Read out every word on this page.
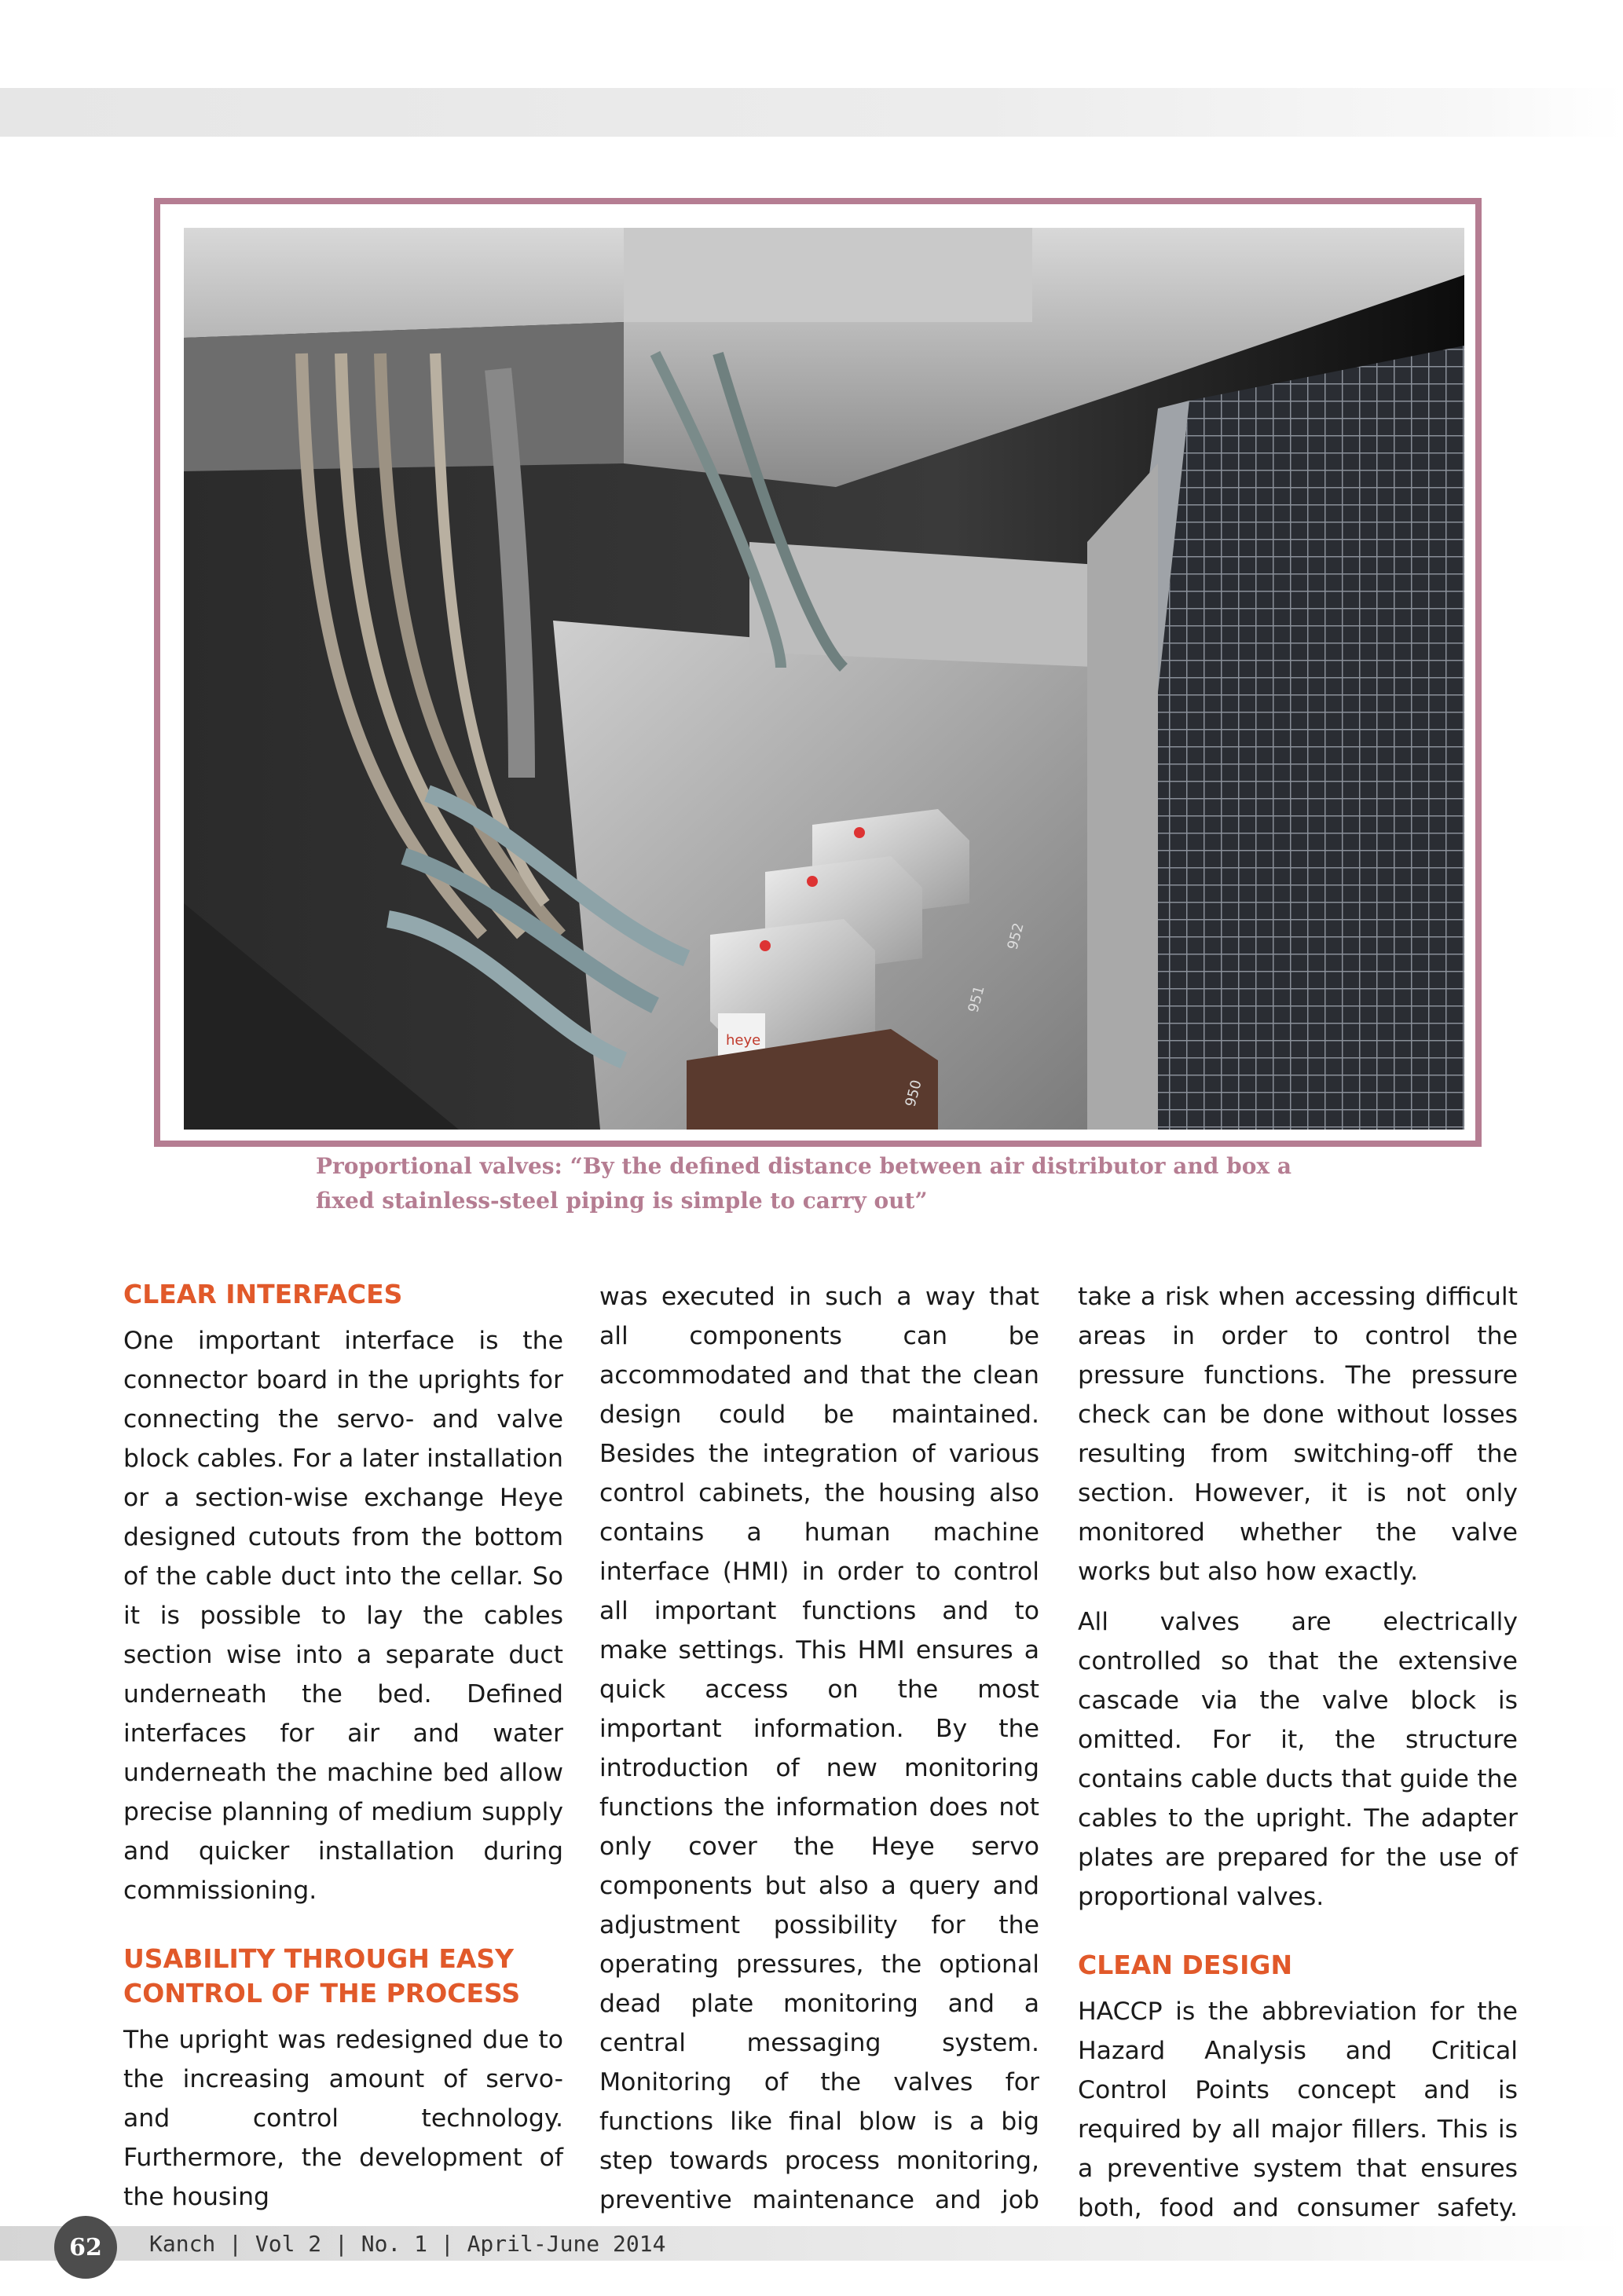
heye
950
951
952
Proportional valves: “By the defined distance between air distributor and box a fixed stainless-steel piping is simple to carry out”
CLEAR INTERFACES

One important interface is the connector board in the uprights for connecting the servo- and valve block cables. For a later installation or a section-wise exchange Heye designed cutouts from the bottom of the cable duct into the cellar. So it is possible to lay the cables section wise into a separate duct underneath the bed. Defined interfaces for air and water underneath the machine bed allow precise planning of medium supply and quicker installation during commissioning.

USABILITY THROUGH EASY CONTROL OF THE PROCESS

The upright was redesigned due to the increasing amount of servo- and control technology. Furthermore, the development of the housing

was executed in such a way that all components can be accommodated and that the clean design could be maintained. Besides the integration of various control cabinets, the housing also contains a human machine interface (HMI) in order to control all important functions and to make settings. This HMI ensures a quick access on the most important information. By the introduction of new monitoring functions the information does not only cover the Heye servo components but also a query and adjustment possibility for the operating pressures, the optional dead plate monitoring and a central messaging system. Monitoring of the valves for functions like final blow is a big step towards process monitoring, preventive maintenance and job

take a risk when accessing difficult areas in order to control the pressure functions. The pressure check can be done without losses resulting from switching-off the section. However, it is not only monitored whether the valve works but also how exactly.

All valves are electrically controlled so that the extensive cascade via the valve block is omitted. For it, the structure contains cable ducts that guide the cables to the upright. The adapter plates are prepared for the use of proportional valves.

CLEAN DESIGN

HACCP is the abbreviation for the Hazard Analysis and Critical Control Points concept and is required by all major fillers. This is a preventive system that ensures both, food and consumer safety.

62	Kanch | Vol 2 | No. 1 | April-June 2014
